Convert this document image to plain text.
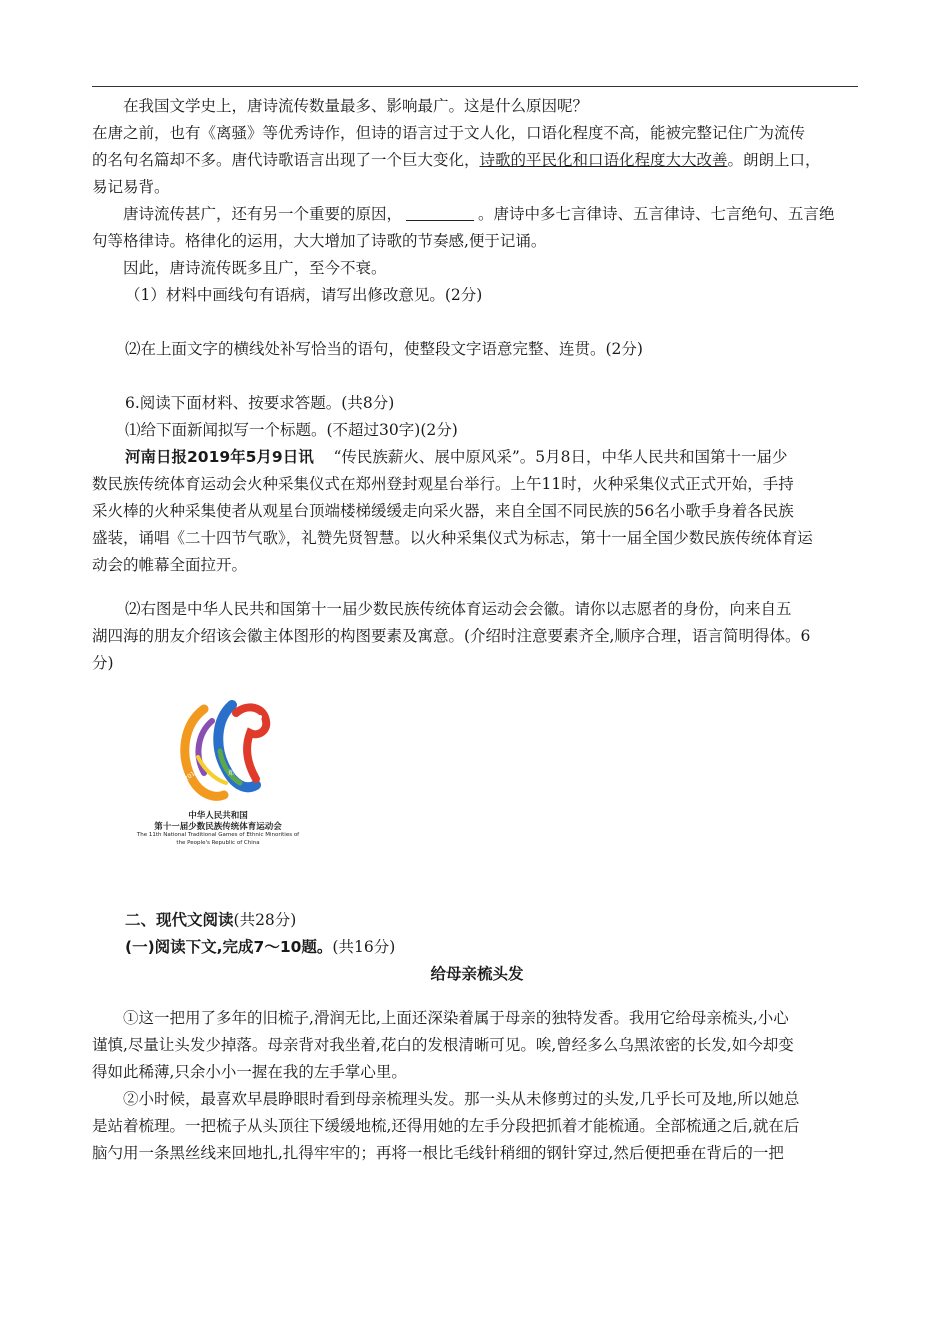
在我国文学史上，唐诗流传数量最多、影响最广。这是什么原因呢？
在唐之前，也有《离骚》等优秀诗作，但诗的语言过于文人化，口语化程度不高，能被完整记住广为流传
的名句名篇却不多。唐代诗歌语言出现了一个巨大变化，诗歌的平民化和口语化程度大大改善。朗朗上口，
易记易背。
唐诗流传甚广，还有另一个重要的原因，	。唐诗中多七言律诗、五言律诗、七言绝句、五言绝
句等格律诗。格律化的运用，大大增加了诗歌的节奏感,便于记诵。
因此，唐诗流传既多且广，至今不衰。
（1）材料中画线句有语病，请写出修改意见。(2分)
⑵在上面文字的横线处补写恰当的语句，使整段文字语意完整、连贯。(2分)
6.阅读下面材料、按要求答题。(共8分)
⑴给下面新闻拟写一个标题。(不超过30字)(2分)
河南日报2019年5月9日讯 “传民族薪火、展中原风采”。5月8日，中华人民共和国第十一届少
数民族传统体育运动会火种采集仪式在郑州登封观星台举行。上午11时，火种采集仪式正式开始，手持
采火棒的火种采集使者从观星台顶端楼梯缓缓走向采火器，来自全国不同民族的56名小歌手身着各民族
盛装，诵唱《二十四节气歌》，礼赞先贤智慧。以火种采集仪式为标志，第十一届全国少数民族传统体育运
动会的帷幕全面拉开。
⑵右图是中华人民共和国第十一届少数民族传统体育运动会会徽。请你以志愿者的身份，向来自五
湖四海的朋友介绍该会徽主体图形的构图要素及寓意。(介绍时注意要素齐全,顺序合理，语言简明得体。6
分)
2019	郑州
中华人民共和国
第十一届少数民族传统体育运动会
The 11th National Traditional Games of Ethnic Minorities of
the People's Republic of China
二、现代文阅读(共28分)
(一)阅读下文,完成7～10题。(共16分)
给母亲梳头发
①这一把用了多年的旧梳子,滑润无比,上面还深染着属于母亲的独特发香。我用它给母亲梳头,小心
谨慎,尽量让头发少掉落。母亲背对我坐着,花白的发根清晰可见。唉,曾经多么乌黑浓密的长发,如今却变
得如此稀薄,只余小小一握在我的左手掌心里。
②小时候，最喜欢早晨睁眼时看到母亲梳理头发。那一头从未修剪过的头发,几乎长可及地,所以她总
是站着梳理。一把梳子从头顶往下缓缓地梳,还得用她的左手分段把抓着才能梳通。全部梳通之后,就在后
脑勺用一条黑丝线来回地扎,扎得牢牢的；再将一根比毛线针稍细的钢针穿过,然后便把垂在背后的一把
